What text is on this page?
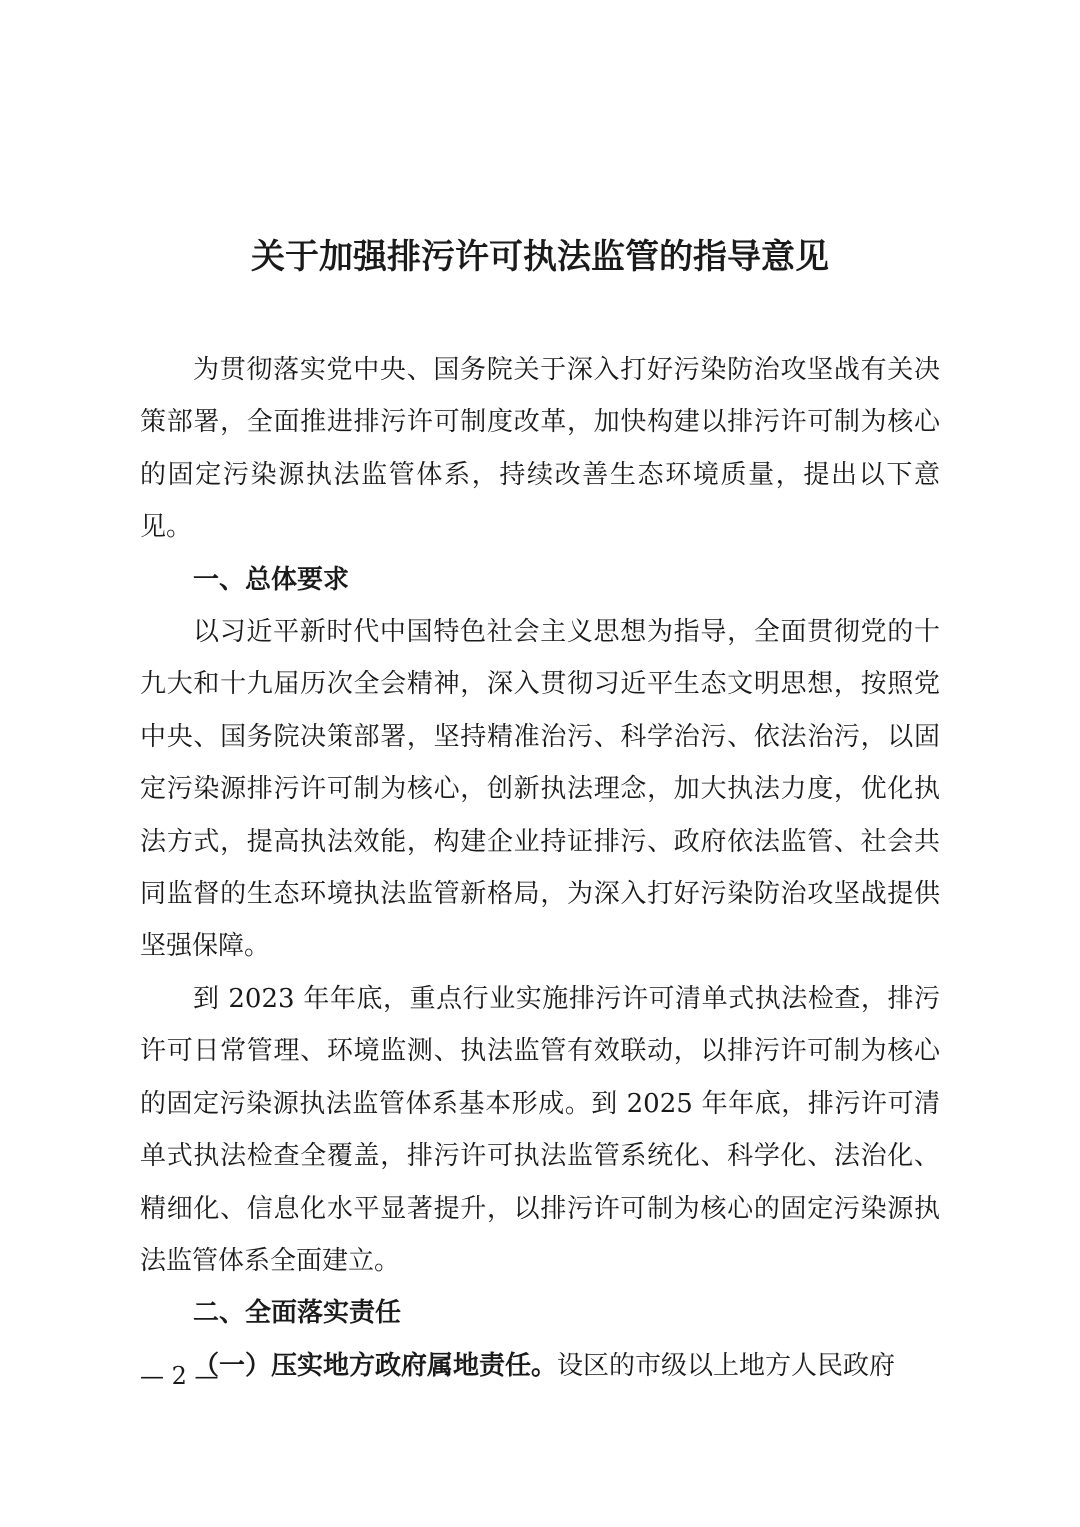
关于加强排污许可执法监管的指导意见

为贯彻落实党中央、国务院关于深入打好污染防治攻坚战有关决策部署，全面推进排污许可制度改革，加快构建以排污许可制为核心的固定污染源执法监管体系，持续改善生态环境质量，提出以下意见。

一、总体要求

以习近平新时代中国特色社会主义思想为指导，全面贯彻党的十九大和十九届历次全会精神，深入贯彻习近平生态文明思想，按照党中央、国务院决策部署，坚持精准治污、科学治污、依法治污，以固定污染源排污许可制为核心，创新执法理念，加大执法力度，优化执法方式，提高执法效能，构建企业持证排污、政府依法监管、社会共同监督的生态环境执法监管新格局，为深入打好污染防治攻坚战提供坚强保障。

到 2023 年年底，重点行业实施排污许可清单式执法检查，排污许可日常管理、环境监测、执法监管有效联动，以排污许可制为核心的固定污染源执法监管体系基本形成。到 2025 年年底，排污许可清单式执法检查全覆盖，排污许可执法监管系统化、科学化、法治化、精细化、信息化水平显著提升，以排污许可制为核心的固定污染源执法监管体系全面建立。

二、全面落实责任

（一）压实地方政府属地责任。设区的市级以上地方人民政府

— 2 —
